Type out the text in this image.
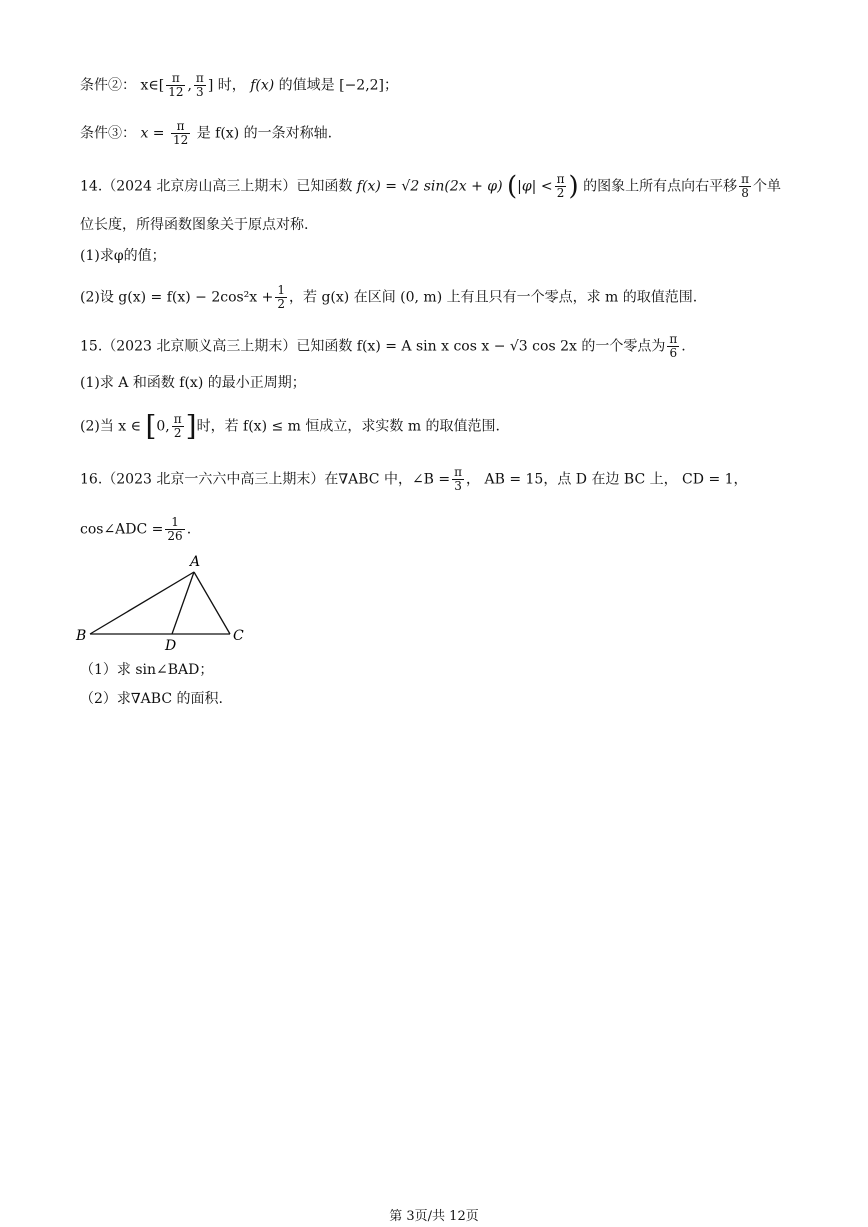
条件②： x∈[ $\frac{\pi}{12}$ , $\frac{\pi}{3}$ ] 时， f(x) 的值域是 [−2,2]；
条件③： $x = \frac{\pi}{12}$ 是 f(x) 的一条对称轴.
14.（2024 北京房山高三上期末）已知函数 f(x) = √2 sin(2x + φ) ($|\varphi| < \frac{\pi}{2}$ ) 的图象上所有点向右平移 $\frac{\pi}{8}$ 个单
位长度，所得函数图象关于原点对称.
(1)求φ的值；
(2)设 $g(x) = f(x) - 2\cos^2x + \frac{1}{2}$ ，若 g(x) 在区间 (0, m) 上有且只有一个零点，求 m 的取值范围.
15.（2023 北京顺义高三上期末）已知函数 f(x) = A sin x cos x − √3 cos 2x 的一个零点为 $\frac{\pi}{6}$ .
(1)求 A 和函数 f(x) 的最小正周期；
(2)当 x ∈ [0, $\frac{\pi}{2}$ ]时，若 f(x) ≤ m 恒成立，求实数 m 的取值范围.
16.（2023 北京一六六中高三上期末）在∇ABC 中，∠B = $\frac{\pi}{3}$ ， AB = 15，点 D 在边 BC 上， CD = 1，
cos∠ADC = $\frac{1}{26}$ .
A
B	C
D
（1）求 sin∠BAD；
（2）求∇ABC 的面积.
第 3页/共 12页
